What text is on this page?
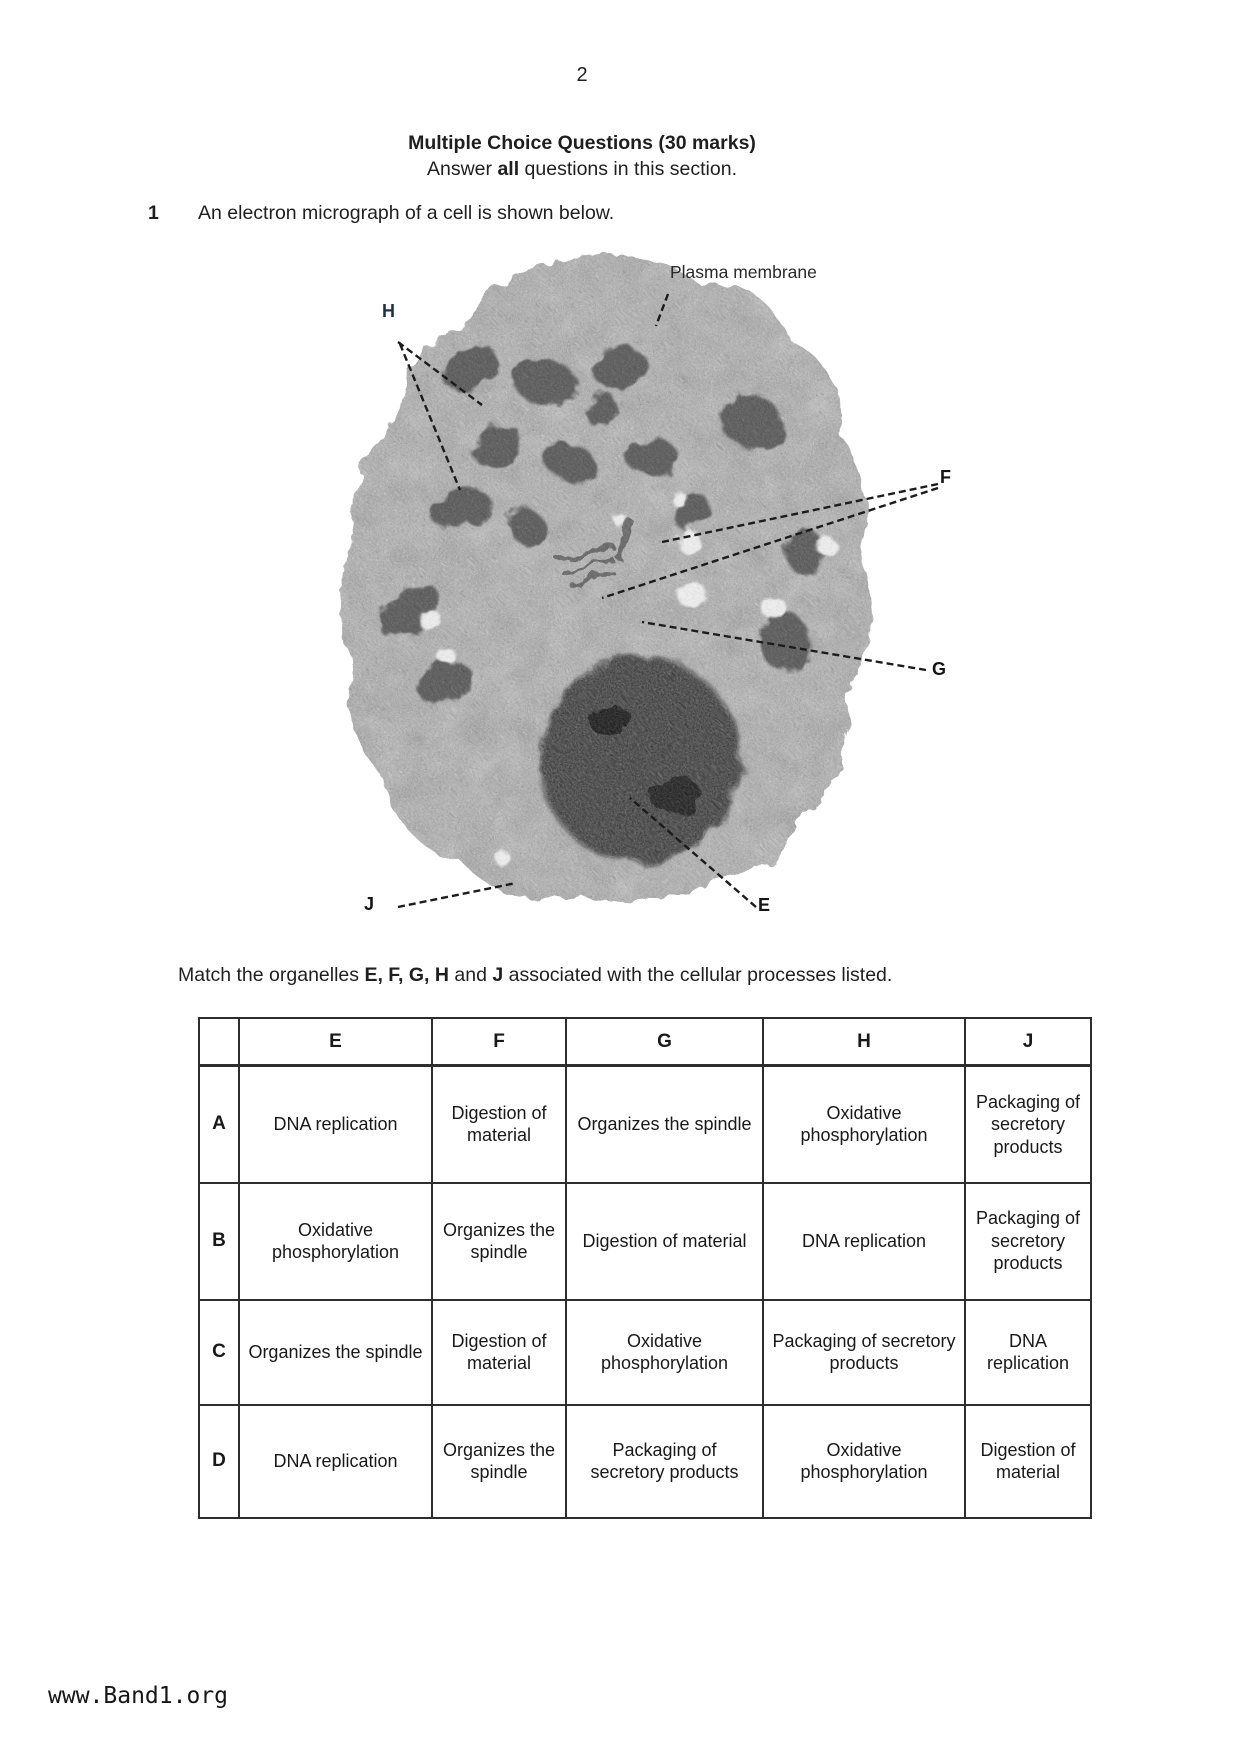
2
Multiple Choice Questions (30 marks)
Answer all questions in this section.
1 An electron micrograph of a cell is shown below.
Plasma membrane
H
F
G
J	E
Match the organelles E, F, G, H and J associated with the cellular processes listed.
	E	F	G	H	J
A	DNA replication	Digestion of material	Organizes the spindle	Oxidative phosphorylation	Packaging of secretory products
B	Oxidative phosphorylation	Organizes the spindle	Digestion of material	DNA replication	Packaging of secretory products
C	Organizes the spindle	Digestion of material	Oxidative phosphorylation	Packaging of secretory products	DNA replication
D	DNA replication	Organizes the spindle	Packaging of secretory products	Oxidative phosphorylation	Digestion of material
www.Band1.org
